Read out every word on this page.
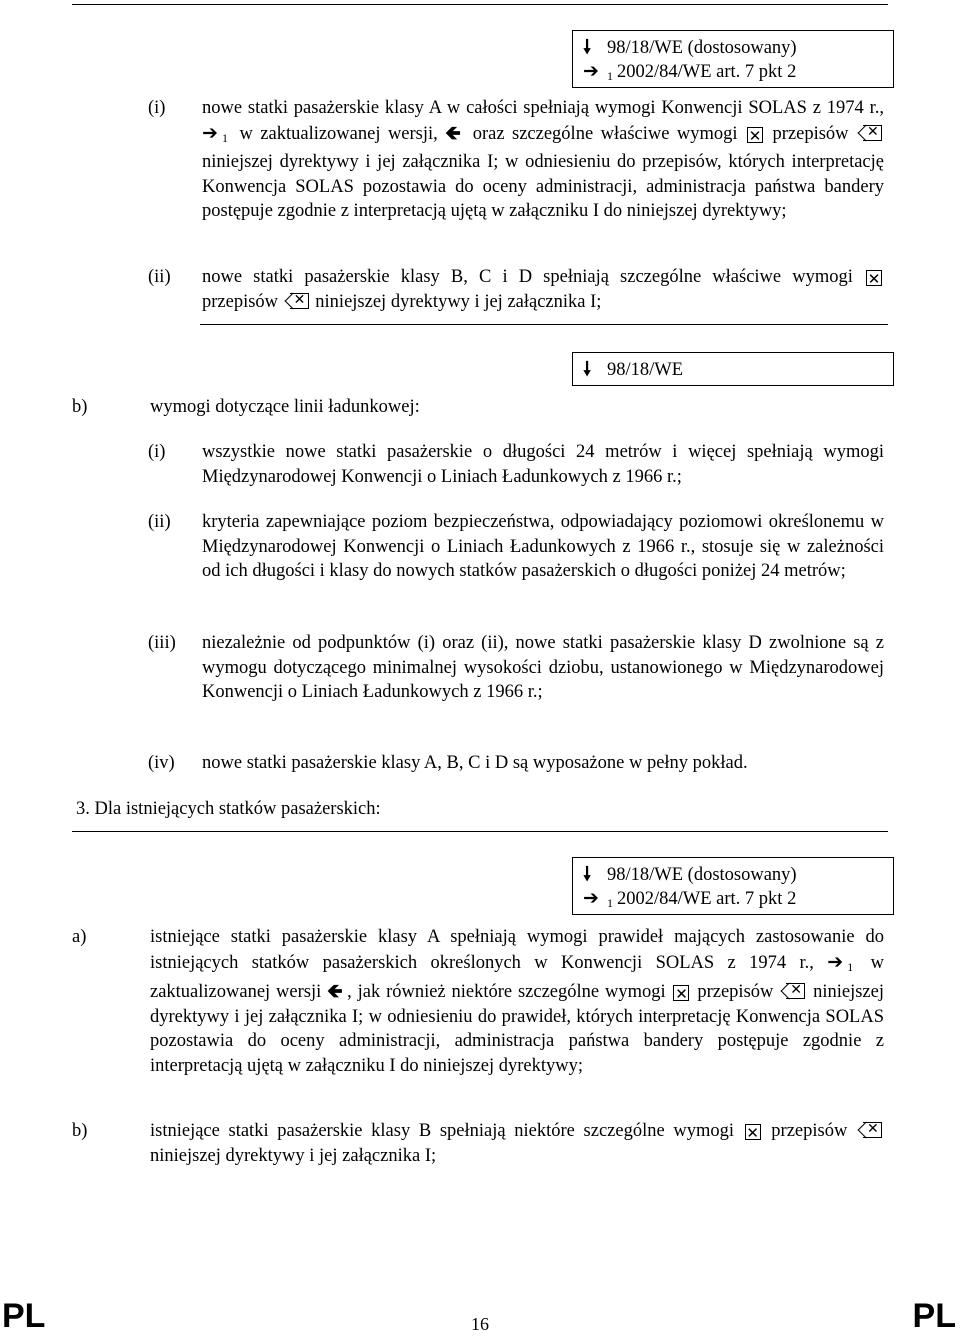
🠗 98/18/WE (dostosowany)
➔ $_1$ 2002/84/WE art. 7 pkt 2
(i) nowe statki pasażerskie klasy A w całości spełniają wymogi Konwencji SOLAS z 1974 r., ➔ $_1$ w zaktualizowanej wersji, 🡸 oraz szczególne właściwe wymogi ✕ przepisów ✕
niniejszej dyrektywy i jej załącznika I; w odniesieniu do przepisów, których interpretację Konwencja SOLAS pozostawia do oceny administracji, administracja państwa bandery postępuje zgodnie z interpretacją ujętą w załączniku I do niniejszej dyrektywy;
(ii) nowe statki pasażerskie klasy B, C i D spełniają szczególne właściwe wymogi ✕ przepisów ✕ niniejszej dyrektywy i jej załącznika I;
🠗 98/18/WE
b)	wymogi dotyczące linii ładunkowej:
(i) wszystkie nowe statki pasażerskie o długości 24 metrów i więcej spełniają wymogi Międzynarodowej Konwencji o Liniach Ładunkowych z 1966 r.;
(ii) kryteria zapewniające poziom bezpieczeństwa, odpowiadający poziomowi określonemu w Międzynarodowej Konwencji o Liniach Ładunkowych z 1966 r., stosuje się w zależności od ich długości i klasy do nowych statków pasażerskich o długości poniżej 24 metrów;
(iii) niezależnie od podpunktów (i) oraz (ii), nowe statki pasażerskie klasy D zwolnione są z wymogu dotyczącego minimalnej wysokości dziobu, ustanowionego w Międzynarodowej Konwencji o Liniach Ładunkowych z 1966 r.;
(iv) nowe statki pasażerskie klasy A, B, C i D są wyposażone w pełny pokład.
3. Dla istniejących statków pasażerskich:
🠗 98/18/WE (dostosowany)
➔ $_1$ 2002/84/WE art. 7 pkt 2
a)	istniejące statki pasażerskie klasy A spełniają wymogi prawideł mających zastosowanie do istniejących statków pasażerskich określonych w Konwencji SOLAS z 1974 r., ➔ $_1$ w zaktualizowanej wersji 🡸 , jak również niektóre szczególne wymogi ✕ przepisów ✕ niniejszej dyrektywy i jej załącznika I; w odniesieniu do prawideł, których interpretację Konwencja SOLAS pozostawia do oceny administracji, administracja państwa bandery postępuje zgodnie z interpretacją ujętą w załączniku I do niniejszej dyrektywy;
b)	istniejące statki pasażerskie klasy B spełniają niektóre szczególne wymogi ✕ przepisów ✕
niniejszej dyrektywy i jej załącznika I;
PL	16	PL
